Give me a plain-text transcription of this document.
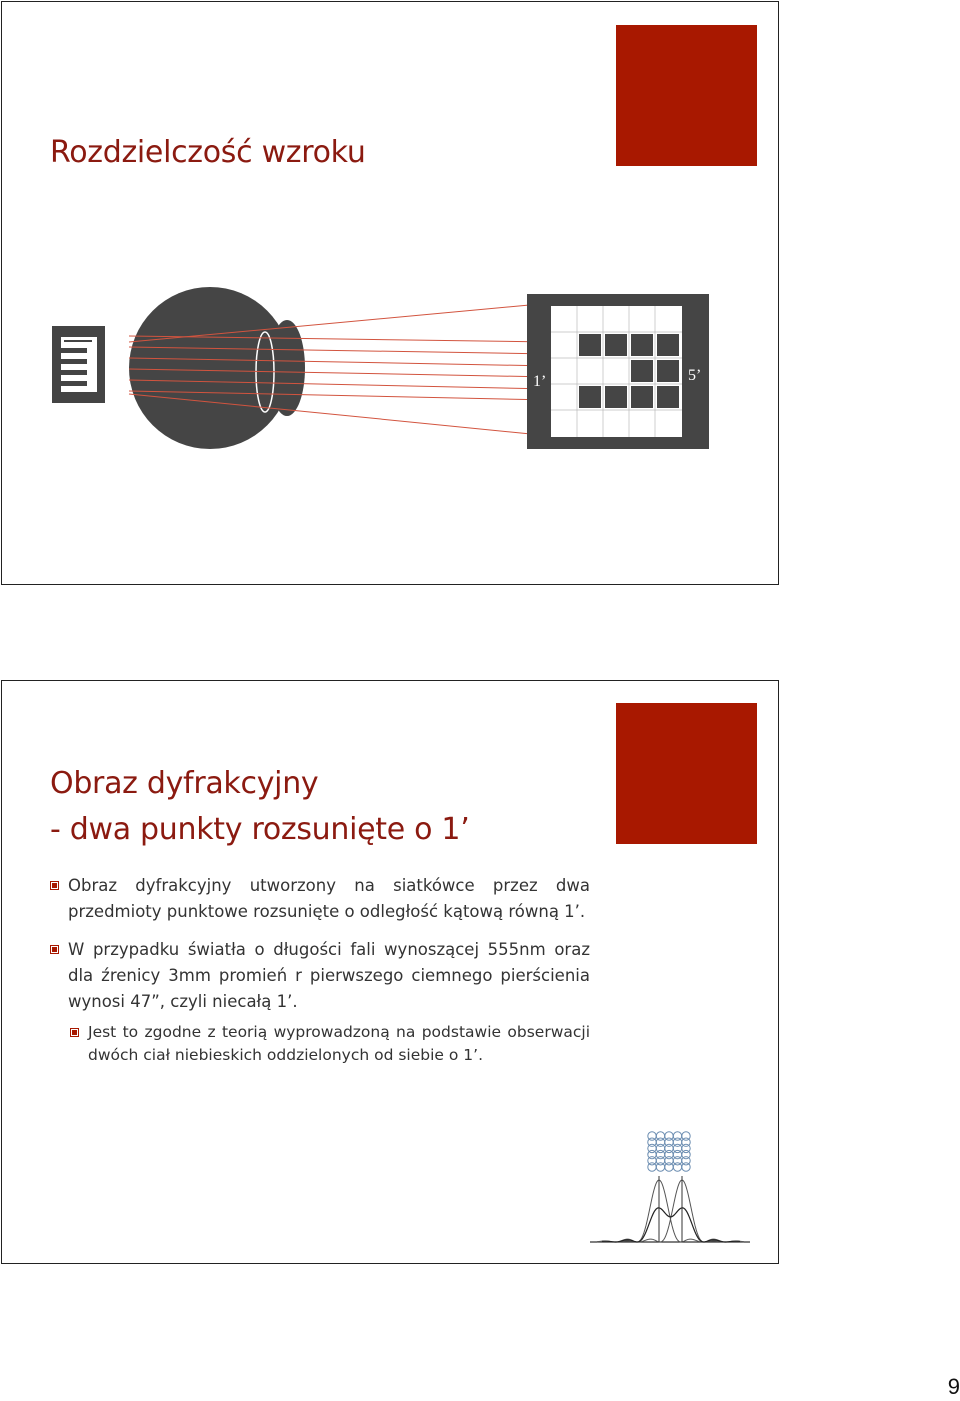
Rozdzielczość wzroku
1’	5’
Obraz dyfrakcyjny
- dwa punkty rozsunięte o 1’
Obraz dyfrakcyjny utworzony na siatkówce przez dwa przedmioty punktowe rozsunięte o odległość kątową równą 1’.
W przypadku światła o długości fali wynoszącej 555nm oraz dla źrenicy 3mm promień r pierwszego ciemnego pierścienia wynosi 47”, czyli niecałą 1’.
Jest to zgodne z teorią wyprowadzoną na podstawie obserwacji dwóch ciał niebieskich oddzielonych od siebie o 1’.
9
